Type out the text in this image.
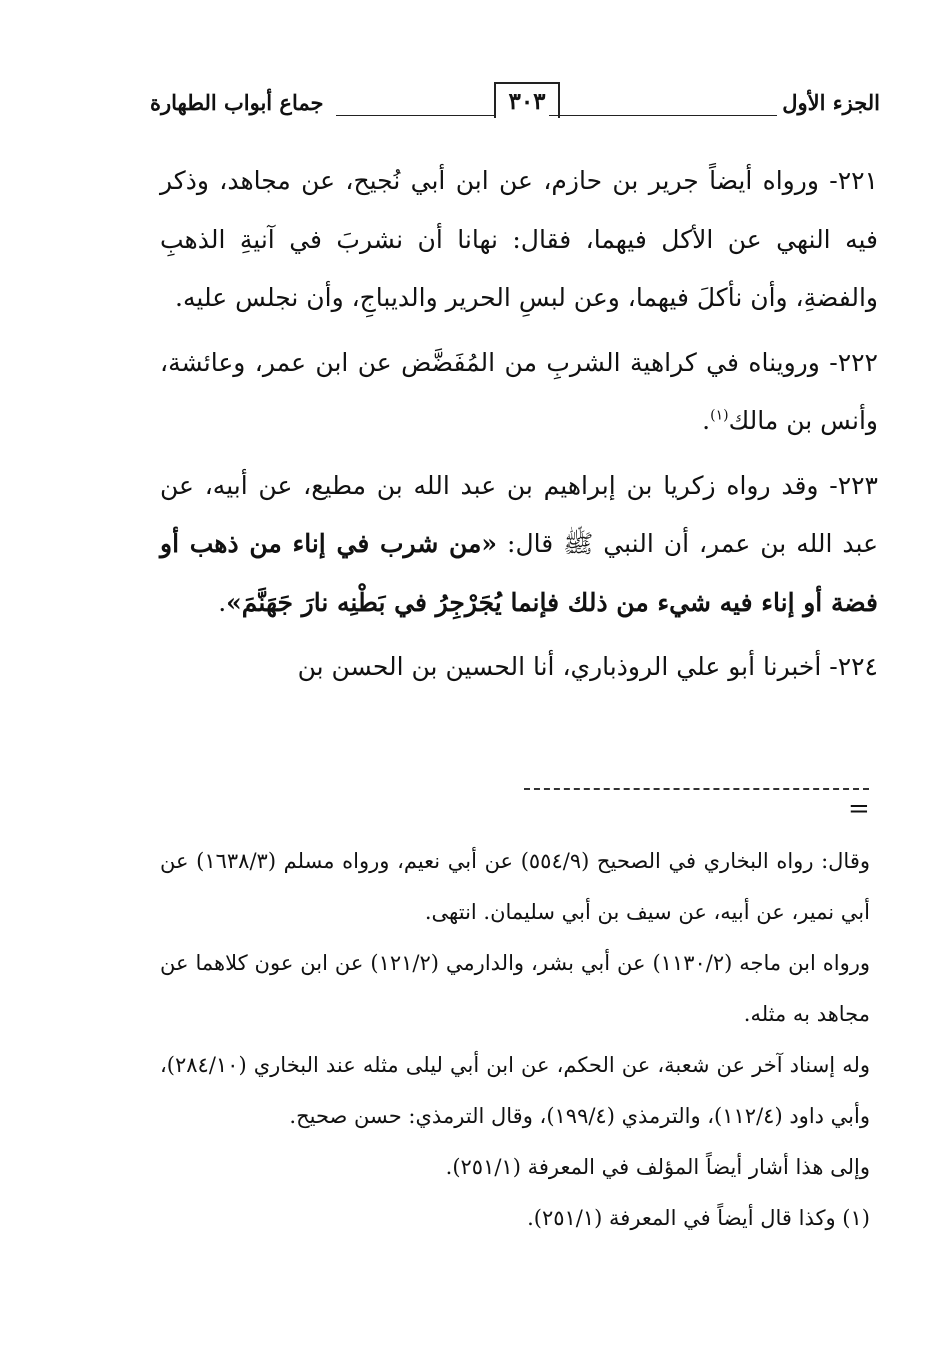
الجزء الأول
٣٠٣
جماع أبواب الطهارة

٢٢١- ورواه أيضاً جرير بن حازم، عن ابن أبي نُجيح، عن مجاهد، وذكر فيه النهي عن الأكل فيهما، فقال: نهانا أن نشربَ في آنيةِ الذهبِ والفضةِ، وأن نأكلَ فيهما، وعن لبسِ الحرير والديباجِ، وأن نجلس عليه.

٢٢٢- ورويناه في كراهية الشربِ من المُفَضَّض عن ابن عمر، وعائشة، وأنس بن مالك$^{(١)}$.

٢٢٣- وقد رواه زكريا بن إبراهيم بن عبد الله بن مطيع، عن أبيه، عن عبد الله بن عمر، أن النبي ﷺ قال: «من شرب في إناء من ذهب أو فضة أو إناء فيه شيء من ذلك فإنما يُجَرْجِرُ في بَطْنِه نارَ جَهَنَّمَ».

٢٢٤- أخبرنا أبو علي الروذباري، أنا الحسين بن الحسن بن

=

وقال: رواه البخاري في الصحيح (٥٥٤/٩) عن أبي نعيم، ورواه مسلم (١٦٣٨/٣) عن أبي نمير، عن أبيه، عن سيف بن أبي سليمان. انتهى.

ورواه ابن ماجه (١١٣٠/٢) عن أبي بشر، والدارمي (١٢١/٢) عن ابن عون كلاهما عن مجاهد به مثله.

وله إسناد آخر عن شعبة، عن الحكم، عن ابن أبي ليلى مثله عند البخاري (٢٨٤/١٠)، وأبي داود (١١٢/٤)، والترمذي (١٩٩/٤)، وقال الترمذي: حسن صحيح.

وإلى هذا أشار أيضاً المؤلف في المعرفة (٢٥١/١).

(١) وكذا قال أيضاً في المعرفة (٢٥١/١).
